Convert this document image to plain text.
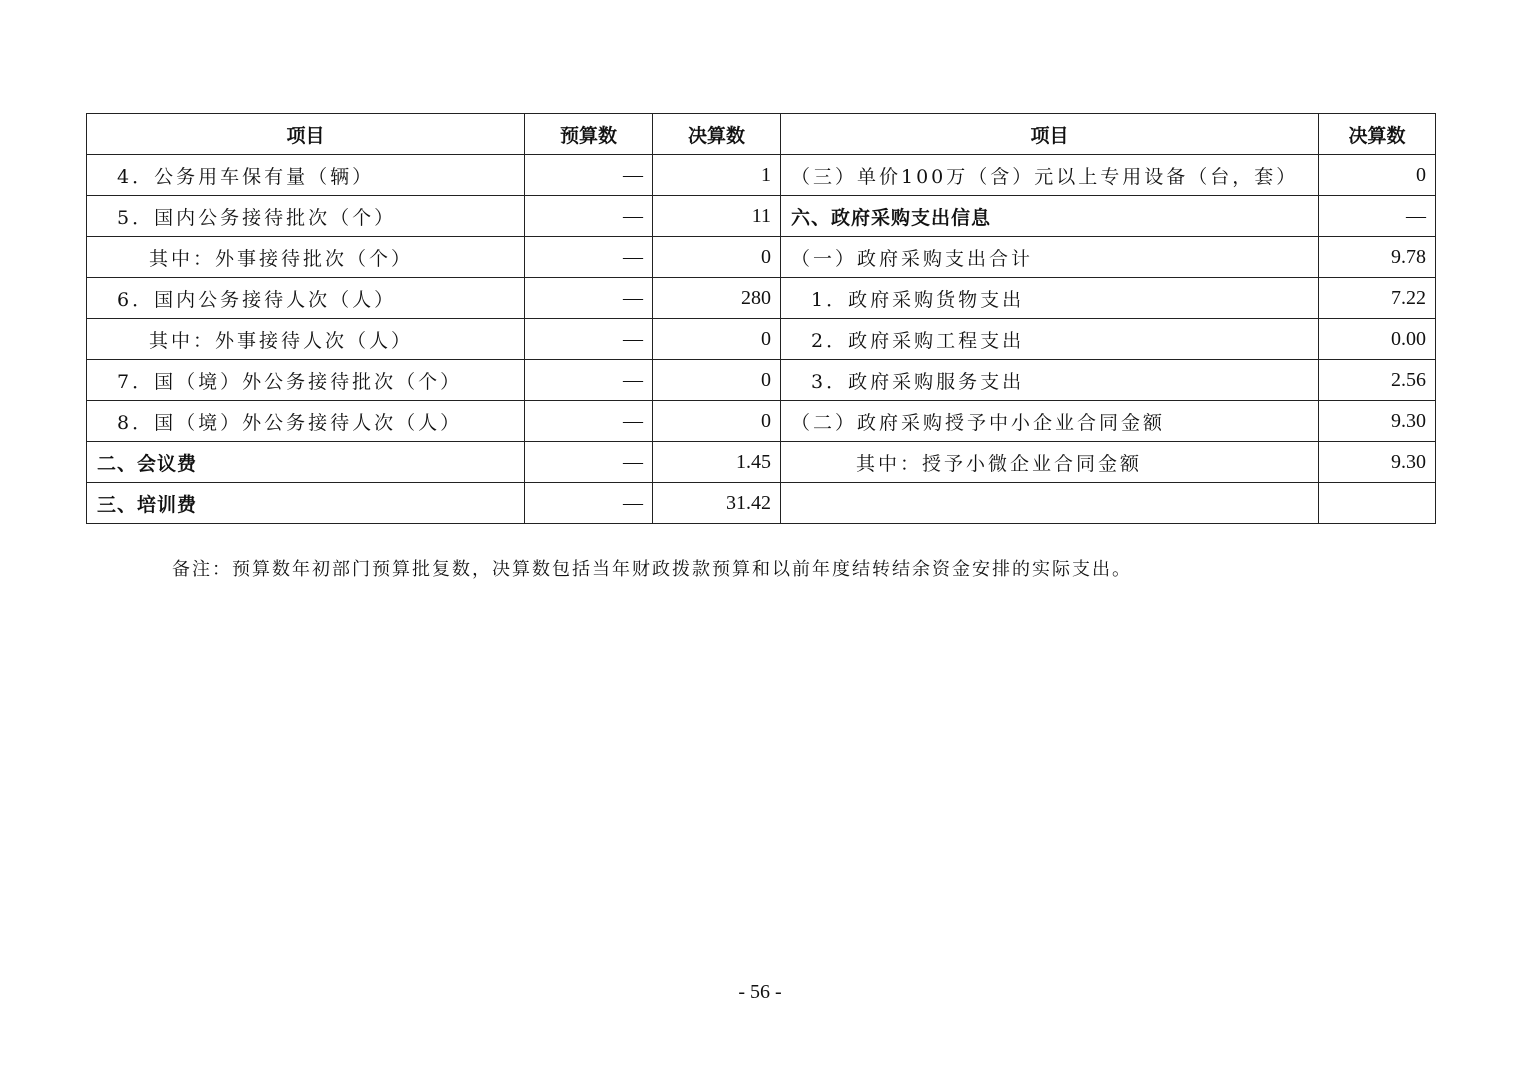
项目	预算数	决算数	项目	决算数
4．公务用车保有量（辆）	—	1	（三）单价100万（含）元以上专用设备（台，套）	0
5．国内公务接待批次（个）	—	11	六、政府采购支出信息	—
其中：外事接待批次（个）	—	0	（一）政府采购支出合计	9.78
6．国内公务接待人次（人）	—	280	1．政府采购货物支出	7.22
其中：外事接待人次（人）	—	0	2．政府采购工程支出	0.00
7．国（境）外公务接待批次（个）	—	0	3．政府采购服务支出	2.56
8．国（境）外公务接待人次（人）	—	0	（二）政府采购授予中小企业合同金额	9.30
二、会议费	—	1.45	其中：授予小微企业合同金额	9.30
三、培训费	—	31.42		
备注：预算数年初部门预算批复数，决算数包括当年财政拨款预算和以前年度结转结余资金安排的实际支出。
- 56 -
